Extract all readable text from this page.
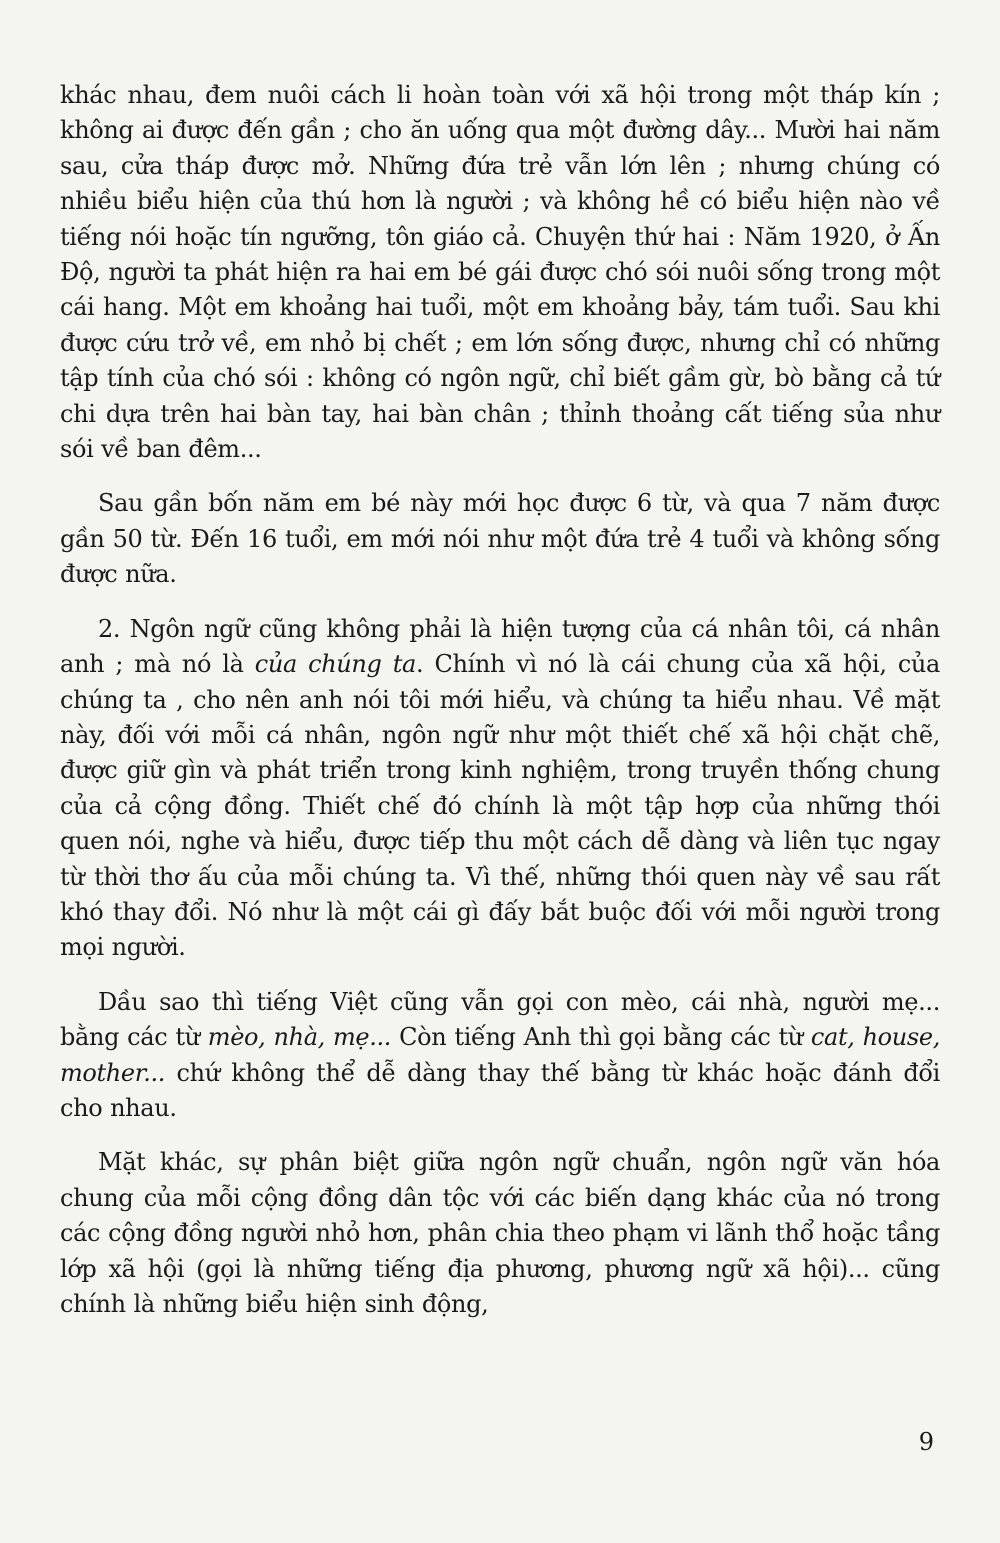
khác nhau, đem nuôi cách li hoàn toàn với xã hội trong một tháp kín ; không ai được đến gần ; cho ăn uống qua một đường dây... Mười hai năm sau, cửa tháp được mở. Những đứa trẻ vẫn lớn lên ; nhưng chúng có nhiều biểu hiện của thú hơn là người ; và không hề có biểu hiện nào về tiếng nói hoặc tín ngưỡng, tôn giáo cả. Chuyện thứ hai : Năm 1920, ở Ấn Độ, người ta phát hiện ra hai em bé gái được chó sói nuôi sống trong một cái hang. Một em khoảng hai tuổi, một em khoảng bảy, tám tuổi. Sau khi được cứu trở về, em nhỏ bị chết ; em lớn sống được, nhưng chỉ có những tập tính của chó sói : không có ngôn ngữ, chỉ biết gầm gừ, bò bằng cả tứ chi dựa trên hai bàn tay, hai bàn chân ; thỉnh thoảng cất tiếng sủa như sói về ban đêm...

Sau gần bốn năm em bé này mới học được 6 từ, và qua 7 năm được gần 50 từ. Đến 16 tuổi, em mới nói như một đứa trẻ 4 tuổi và không sống được nữa.

2. Ngôn ngữ cũng không phải là hiện tượng của cá nhân tôi, cá nhân anh ; mà nó là của chúng ta. Chính vì nó là cái chung của xã hội, của chúng ta , cho nên anh nói tôi mới hiểu, và chúng ta hiểu nhau. Về mặt này, đối với mỗi cá nhân, ngôn ngữ như một thiết chế xã hội chặt chẽ, được giữ gìn và phát triển trong kinh nghiệm, trong truyền thống chung của cả cộng đồng. Thiết chế đó chính là một tập hợp của những thói quen nói, nghe và hiểu, được tiếp thu một cách dễ dàng và liên tục ngay từ thời thơ ấu của mỗi chúng ta. Vì thế, những thói quen này về sau rất khó thay đổi. Nó như là một cái gì đấy bắt buộc đối với mỗi người trong mọi người.

Dầu sao thì tiếng Việt cũng vẫn gọi con mèo, cái nhà, người mẹ... bằng các từ mèo, nhà, mẹ... Còn tiếng Anh thì gọi bằng các từ cat, house, mother... chứ không thể dễ dàng thay thế bằng từ khác hoặc đánh đổi cho nhau.

Mặt khác, sự phân biệt giữa ngôn ngữ chuẩn, ngôn ngữ văn hóa chung của mỗi cộng đồng dân tộc với các biến dạng khác của nó trong các cộng đồng người nhỏ hơn, phân chia theo phạm vi lãnh thổ hoặc tầng lớp xã hội (gọi là những tiếng địa phương, phương ngữ xã hội)... cũng chính là những biểu hiện sinh động,

9
